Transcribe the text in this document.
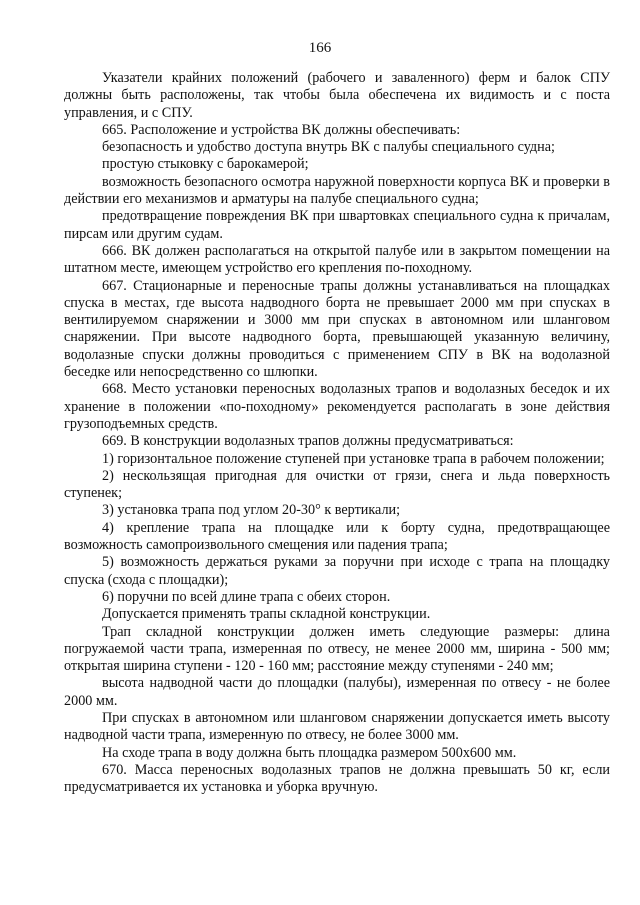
166

Указатели крайних положений (рабочего и заваленного) ферм и балок СПУ должны быть расположены, так чтобы была обеспечена их видимость и с поста управления, и с СПУ.

665. Расположение и устройства ВК должны обеспечивать:

безопасность и удобство доступа внутрь ВК с палубы специального судна;

простую стыковку с барокамерой;

возможность безопасного осмотра наружной поверхности корпуса ВК и проверки в действии его механизмов и арматуры на палубе специального судна;

предотвращение повреждения ВК при швартовках специального судна к причалам, пирсам или другим судам.

666. ВК должен располагаться на открытой палубе или в закрытом помещении на штатном месте, имеющем устройство его крепления по-походному.

667. Стационарные и переносные трапы должны устанавливаться на площадках спуска в местах, где высота надводного борта не превышает 2000 мм при спусках в вентилируемом снаряжении и 3000 мм при спусках в автономном или шланговом снаряжении. При высоте надводного борта, превышающей указанную величину, водолазные спуски должны проводиться с применением СПУ в ВК на водолазной беседке или непосредственно со шлюпки.

668. Место установки переносных водолазных трапов и водолазных беседок и их хранение в положении «по-походному» рекомендуется располагать в зоне действия грузоподъемных средств.

669. В конструкции водолазных трапов должны предусматриваться:

1) горизонтальное положение ступеней при установке трапа в рабочем положении;

2) нескользящая пригодная для очистки от грязи, снега и льда поверхность ступенек;

3) установка трапа под углом 20-30° к вертикали;

4) крепление трапа на площадке или к борту судна, предотвращающее возможность самопроизвольного смещения или падения трапа;

5) возможность держаться руками за поручни при исходе с трапа на площадку спуска (схода с площадки);

6) поручни по всей длине трапа с обеих сторон.

Допускается применять трапы складной конструкции.

Трап складной конструкции должен иметь следующие размеры: длина погружаемой части трапа, измеренная по отвесу, не менее 2000 мм, ширина - 500 мм; открытая ширина ступени - 120 - 160 мм; расстояние между ступенями - 240 мм;

высота надводной части до площадки (палубы), измеренная по отвесу - не более 2000 мм.

При спусках в автономном или шланговом снаряжении допускается иметь высоту надводной части трапа, измеренную по отвесу, не более 3000 мм.

На сходе трапа в воду должна быть площадка размером 500х600 мм.

670. Масса переносных водолазных трапов не должна превышать 50 кг, если предусматривается их установка и уборка вручную.
